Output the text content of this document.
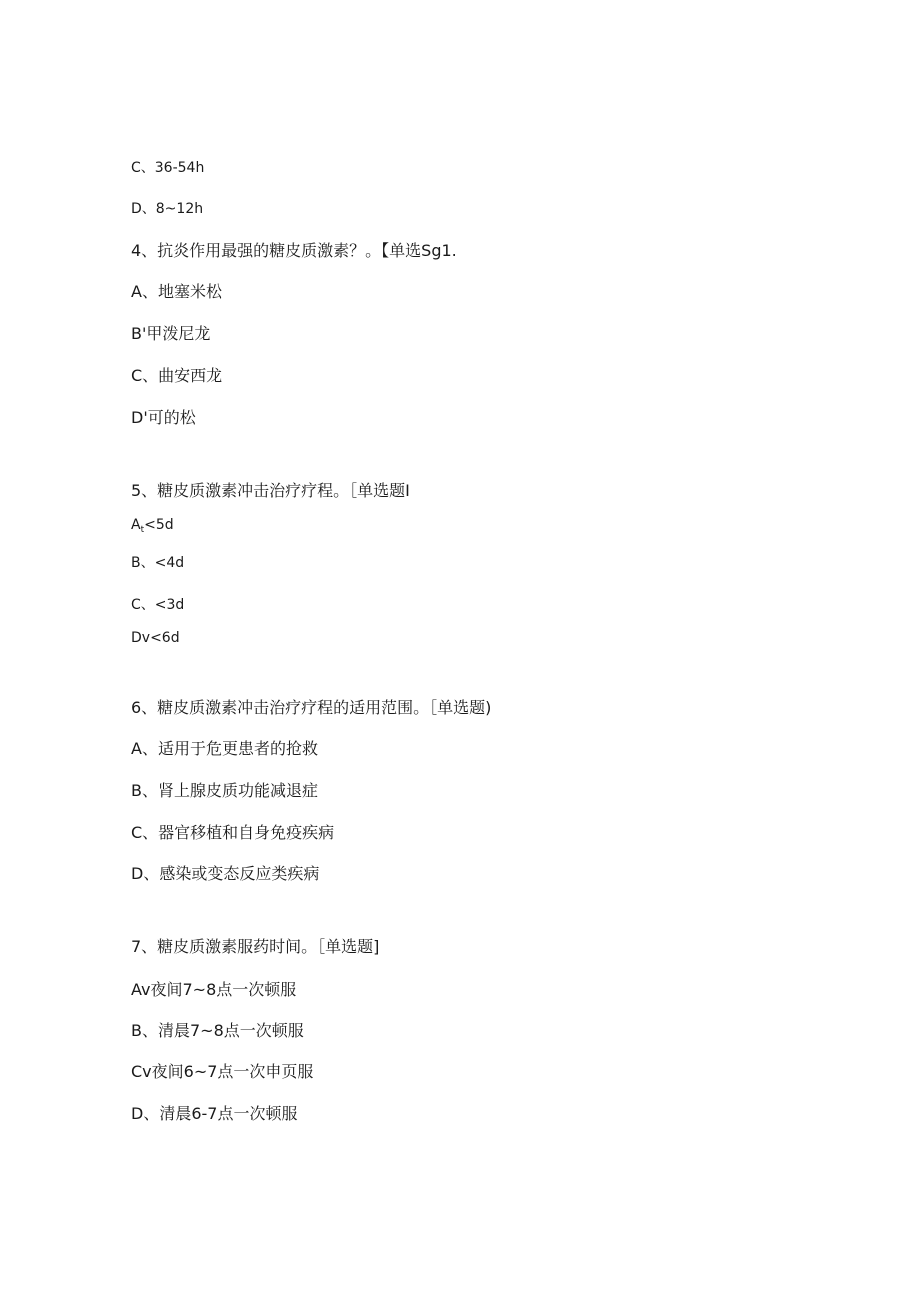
C、36-54h
D、8~12h
4、抗炎作用最强的糖皮质激素？。【单选Sg1.
A、地塞米松
B'甲泼尼龙
C、曲安西龙
D'可的松
5、糖皮质激素冲击治疗疗程。［单选题I
$A_t<5d$
B、<4d
C、<3d
Dv<6d
6、糖皮质激素冲击治疗疗程的适用范围。［单选题)
A、适用于危更患者的抢救
B、肾上腺皮质功能减退症
C、器官移植和自身免疫疾病
D、感染或变态反应类疾病
7、糖皮质激素服药时间。［单选题]
Av夜间7~8点一次顿服
B、清晨7~8点一次顿服
Cv夜间6~7点一次申页服
D、清晨6-7点一次顿服
